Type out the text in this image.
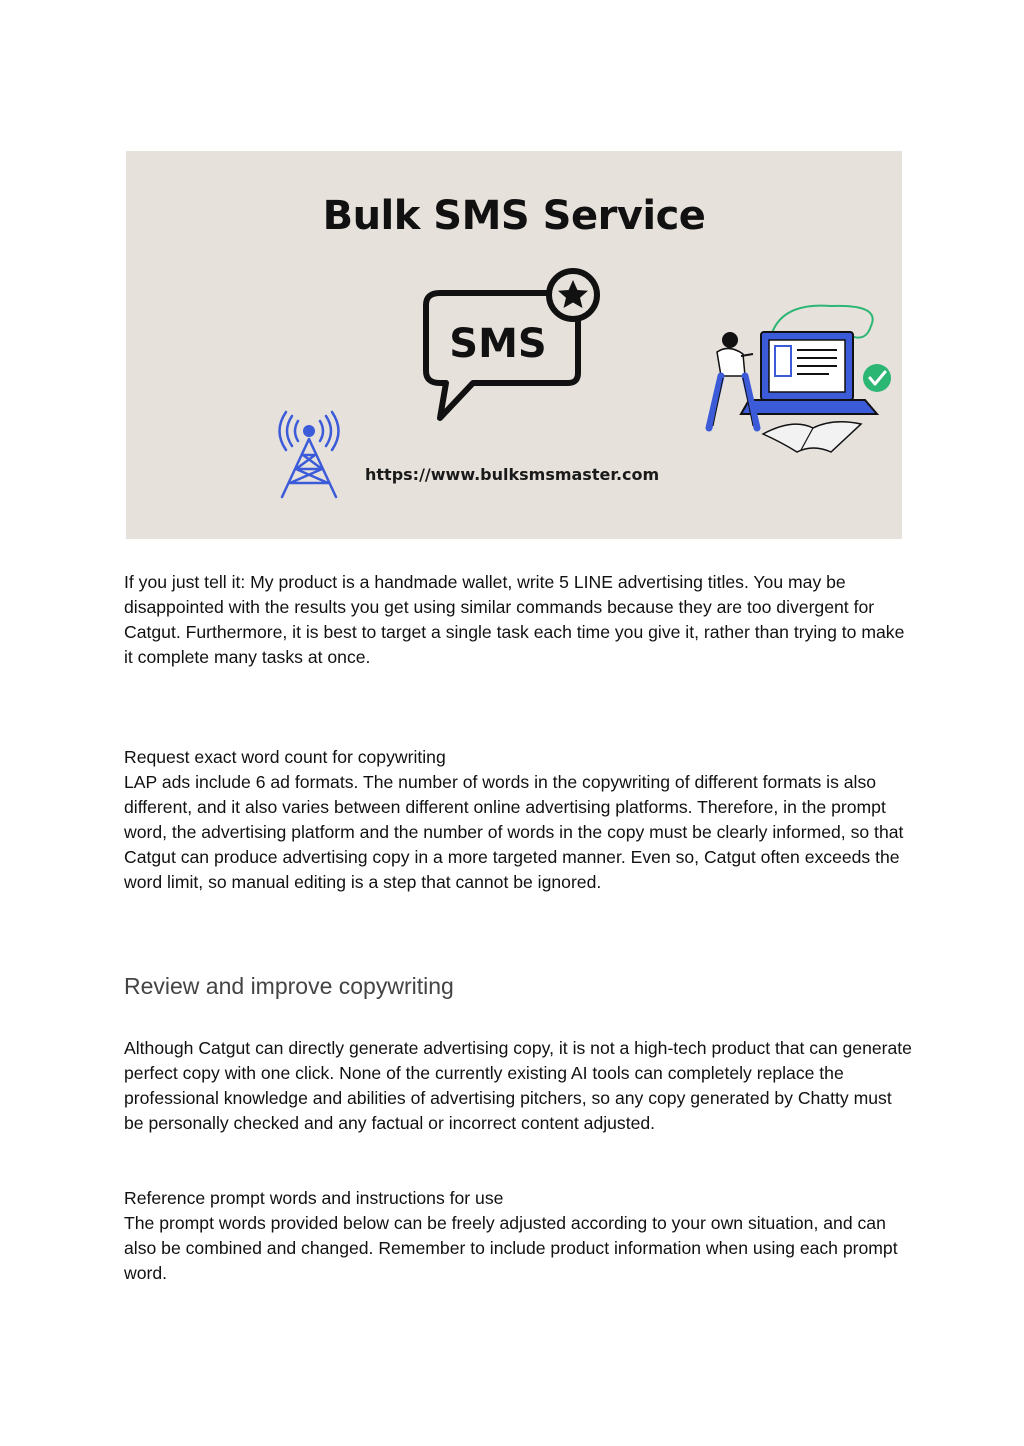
Bulk SMS Service
SMS
https://www.bulksmsmaster.com

If you just tell it: My product is a handmade wallet, write 5 LINE advertising titles. You may be disappointed with the results you get using similar commands because they are too divergent for Catgut. Furthermore, it is best to target a single task each time you give it, rather than trying to make it complete many tasks at once.

Request exact word count for copywriting
LAP ads include 6 ad formats. The number of words in the copywriting of different formats is also different, and it also varies between different online advertising platforms. Therefore, in the prompt word, the advertising platform and the number of words in the copy must be clearly informed, so that Catgut can produce advertising copy in a more targeted manner. Even so, Catgut often exceeds the word limit, so manual editing is a step that cannot be ignored.
Review and improve copywriting

Although Catgut can directly generate advertising copy, it is not a high-tech product that can generate perfect copy with one click. None of the currently existing AI tools can completely replace the professional knowledge and abilities of advertising pitchers, so any copy generated by Chatty must be personally checked and any factual or incorrect content adjusted.

Reference prompt words and instructions for use
The prompt words provided below can be freely adjusted according to your own situation, and can also be combined and changed. Remember to include product information when using each prompt word.
